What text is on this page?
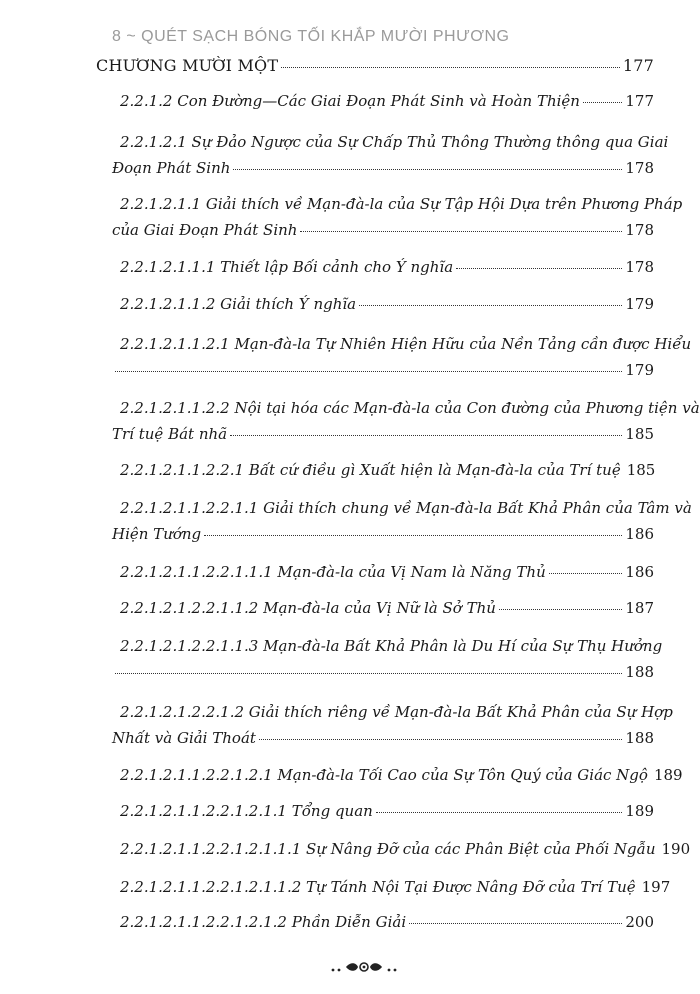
8 ~ QUÉT SẠCH BÓNG TỐI KHẮP MƯỜI PHƯƠNG
CHƯƠNG MƯỜI MỘT	177
2.2.1.2 Con Đường—Các Giai Đoạn Phát Sinh và Hoàn Thiện	177
2.2.1.2.1 Sự Đảo Ngược của Sự Chấp Thủ Thông Thường thông qua Giai
Đoạn Phát Sinh	178
2.2.1.2.1.1 Giải thích về Mạn-đà-la của Sự Tập Hội Dựa trên Phương Pháp
của Giai Đoạn Phát Sinh	178
2.2.1.2.1.1.1 Thiết lập Bối cảnh cho Ý nghĩa	178
2.2.1.2.1.1.2 Giải thích Ý nghĩa	179
2.2.1.2.1.1.2.1 Mạn-đà-la Tự Nhiên Hiện Hữu của Nền Tảng cần được Hiểu
179
2.2.1.2.1.1.2.2 Nội tại hóa các Mạn-đà-la của Con đường của Phương tiện và
Trí tuệ Bát nhã	185
2.2.1.2.1.1.2.2.1 Bất cứ điều gì Xuất hiện là Mạn-đà-la của Trí tuệ 185
2.2.1.2.1.1.2.2.1.1 Giải thích chung về Mạn-đà-la Bất Khả Phân của Tâm và
Hiện Tướng	186
2.2.1.2.1.1.2.2.1.1.1 Mạn-đà-la của Vị Nam là Năng Thủ	186
2.2.1.2.1.2.2.1.1.2 Mạn-đà-la của Vị Nữ là Sở Thủ	187
2.2.1.2.1.2.2.1.1.3 Mạn-đà-la Bất Khả Phân là Du Hí của Sự Thụ Hưởng
188
2.2.1.2.1.2.2.1.2 Giải thích riêng về Mạn-đà-la Bất Khả Phân của Sự Hợp
Nhất và Giải Thoát	188
2.2.1.2.1.1.2.2.1.2.1 Mạn-đà-la Tối Cao của Sự Tôn Quý của Giác Ngộ 189
2.2.1.2.1.1.2.2.1.2.1.1 Tổng quan	189
2.2.1.2.1.1.2.2.1.2.1.1.1 Sự Nâng Đỡ của các Phân Biệt của Phối Ngẫu 190
2.2.1.2.1.1.2.2.1.2.1.1.2 Tự Tánh Nội Tại Được Nâng Đỡ của Trí Tuệ 197
2.2.1.2.1.1.2.2.1.2.1.2 Phần Diễn Giải	200
